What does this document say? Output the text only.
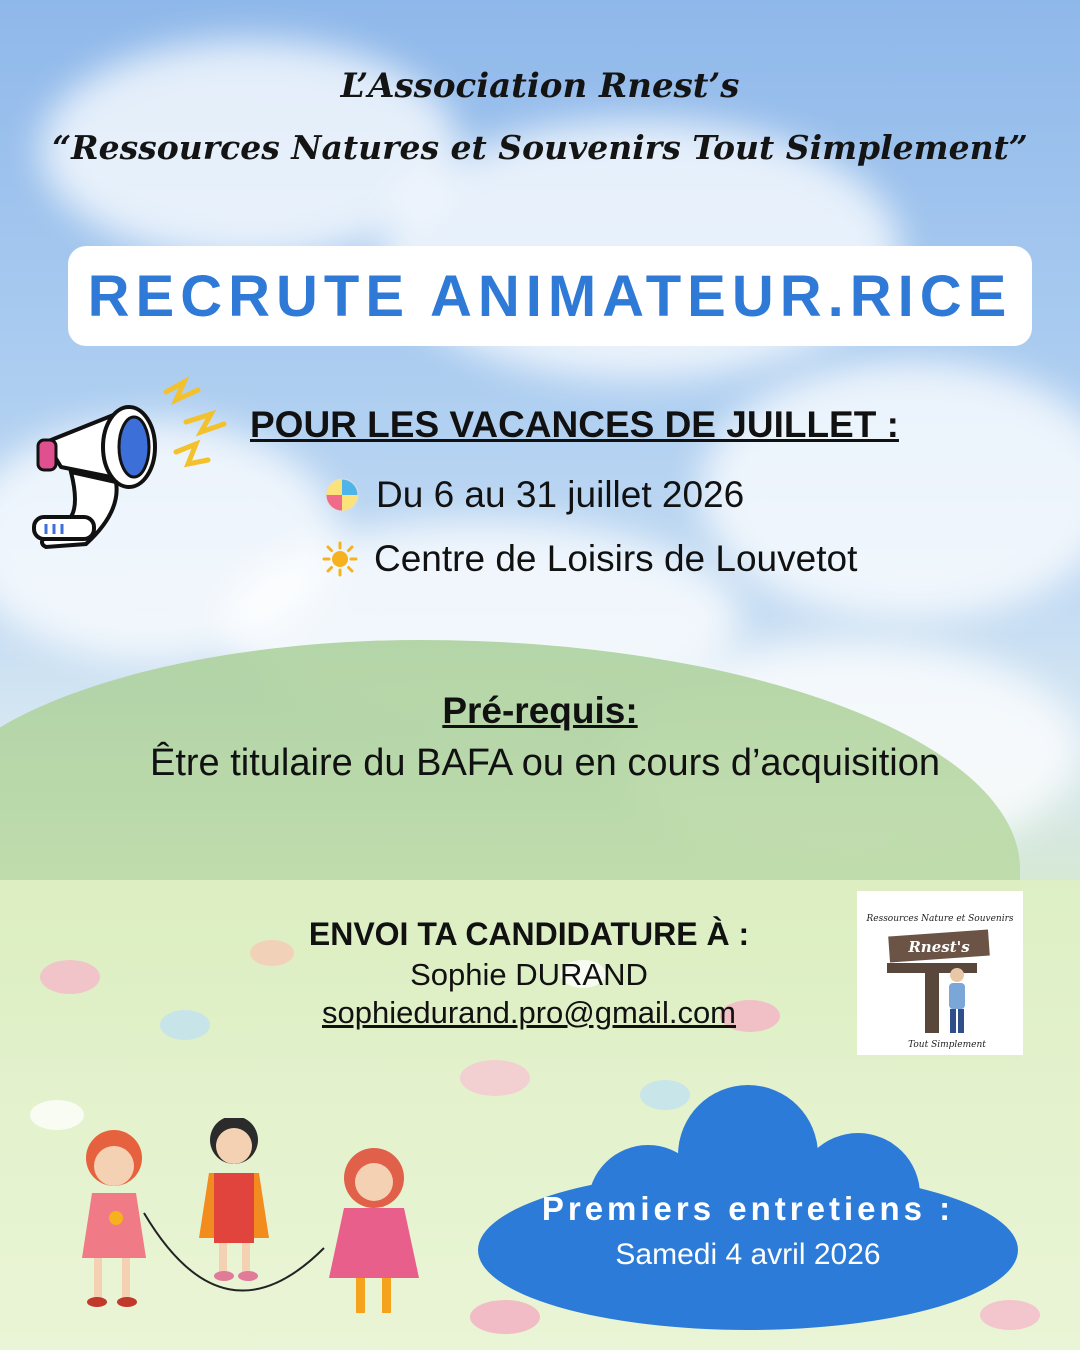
L’Association Rnest’s
“Ressources Natures et Souvenirs Tout Simplement”
RECRUTE ANIMATEUR.RICE
POUR LES VACANCES DE JUILLET :
Du 6 au 31 juillet 2026
Centre de Loisirs de Louvetot
Pré-requis:
Être titulaire du BAFA ou en cours d’acquisition
ENVOI TA CANDIDATURE À :
Sophie DURAND
sophiedurand.pro@gmail.com
Ressources Nature et Souvenirs
Rnest's
Tout Simplement
Premiers entretiens :
Samedi 4 avril 2026
